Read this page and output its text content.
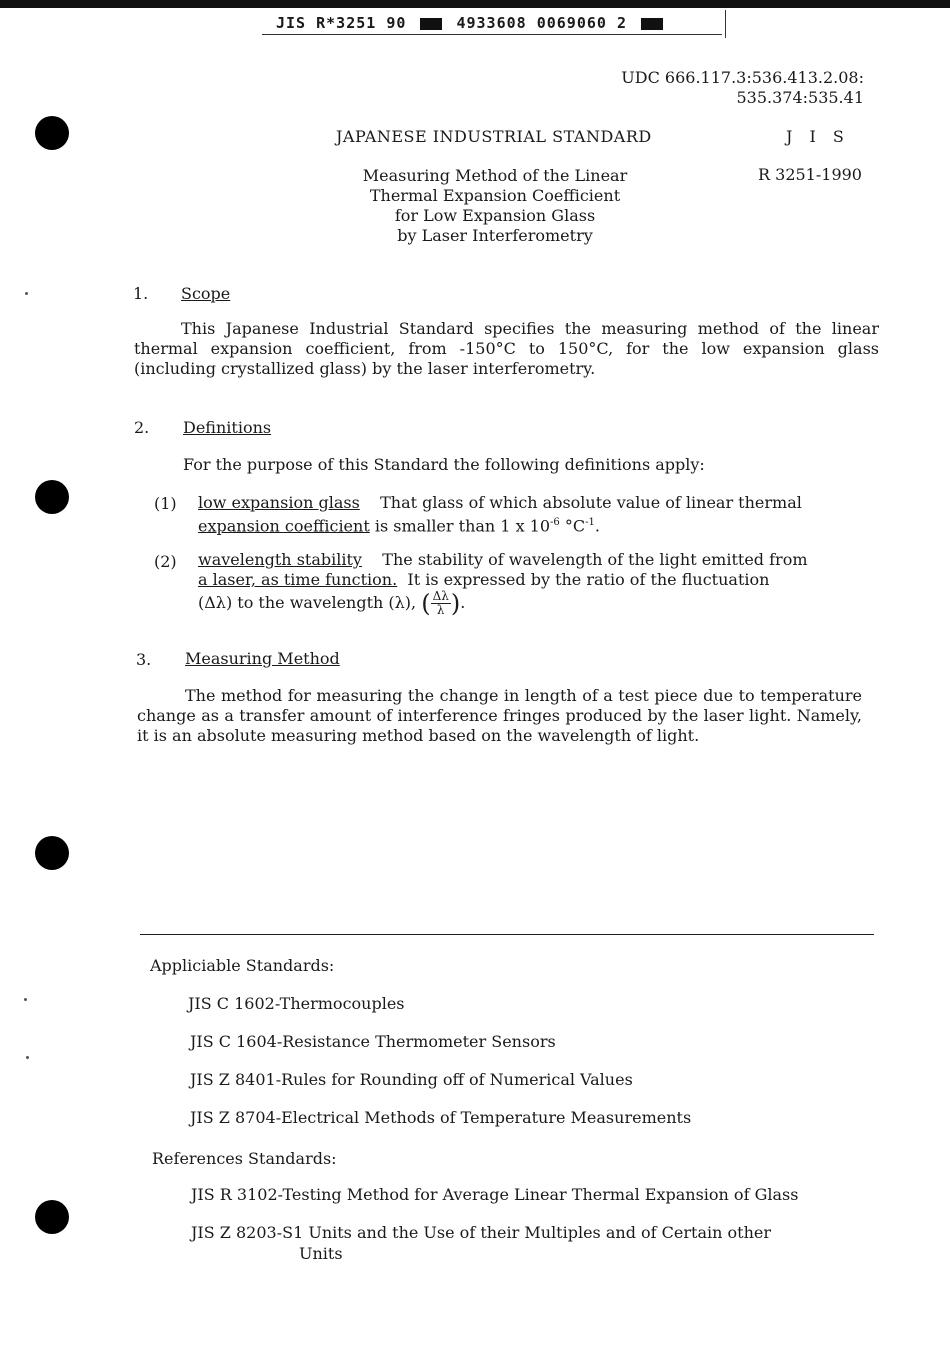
JIS R*3251 90	4933608 0069060 2
UDC 666.117.3:536.413.2.08:
535.374:535.41
JAPANESE INDUSTRIAL STANDARD	J I S
Measuring Method of the Linear
Thermal Expansion Coefficient
for Low Expansion Glass
by Laser Interferometry
R 3251-1990
1. Scope
This Japanese Industrial Standard specifies the measuring method of the linear thermal expansion coefficient, from -150°C to 150°C, for the low expansion glass (including crystallized glass) by the laser interferometry.
2. Definitions
For the purpose of this Standard the following definitions apply:
(1) low expansion glass That glass of which absolute value of linear thermal
expansion coefficient is smaller than 1 x $10^{-6}$ $^\circ C^{-1}$.
(2) wavelength stability The stability of wavelength of the light emitted from
a laser, as time function. It is expressed by the ratio of the fluctuation
(Δλ) to the wavelength (λ), ( $\frac{\Delta\lambda}{\lambda}$).
3. Measuring Method
The method for measuring the change in length of a test piece due to temperature change as a transfer amount of interference fringes produced by the laser light. Namely, it is an absolute measuring method based on the wavelength of light.
Appliciable Standards:
JIS C 1602-Thermocouples
JIS C 1604-Resistance Thermometer Sensors
JIS Z 8401-Rules for Rounding off of Numerical Values
JIS Z 8704-Electrical Methods of Temperature Measurements
References Standards:
JIS R 3102-Testing Method for Average Linear Thermal Expansion of Glass
JIS Z 8203-S1 Units and the Use of their Multiples and of Certain other
Units
